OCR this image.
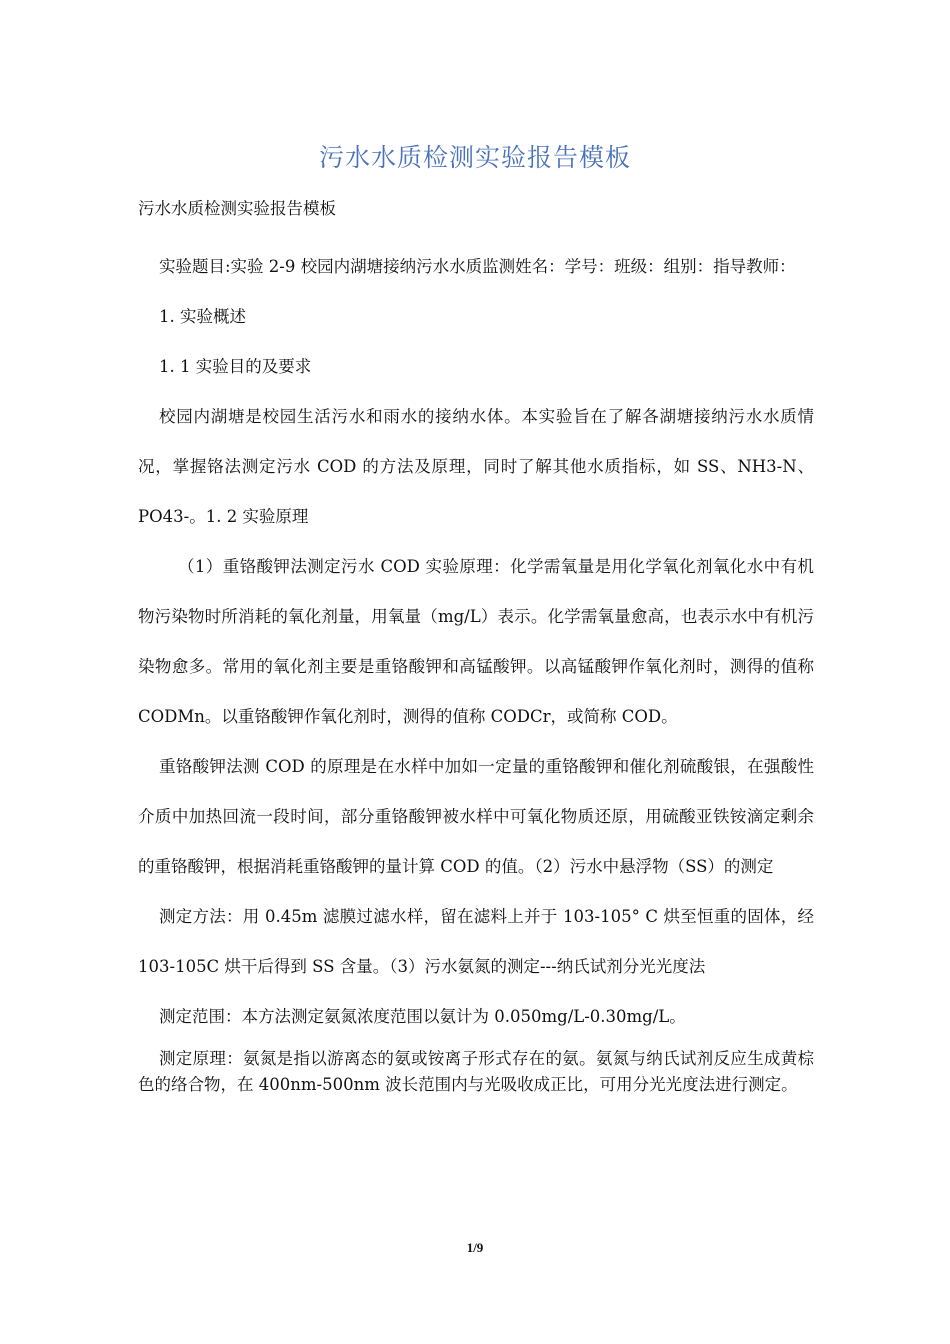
污水水质检测实验报告模板
污水水质检测实验报告模板

实验题目:实验 2-9 校园内湖塘接纳污水水质监测姓名：学号：班级：组别：指导教师：

1. 实验概述

1. 1 实验目的及要求

校园内湖塘是校园生活污水和雨水的接纳水体。本实验旨在了解各湖塘接纳污水水质情况，掌握铬法测定污水 COD 的方法及原理，同时了解其他水质指标，如 SS、NH3-N、PO43-。1. 2 实验原理

（1）重铬酸钾法测定污水 COD 实验原理：化学需氧量是用化学氧化剂氧化水中有机物污染物时所消耗的氧化剂量，用氧量（mg/L）表示。化学需氧量愈高，也表示水中有机污染物愈多。常用的氧化剂主要是重铬酸钾和高锰酸钾。以高锰酸钾作氧化剂时，测得的值称 CODMn。以重铬酸钾作氧化剂时，测得的值称 CODCr，或简称 COD。

重铬酸钾法测 COD 的原理是在水样中加如一定量的重铬酸钾和催化剂硫酸银，在强酸性介质中加热回流一段时间，部分重铬酸钾被水样中可氧化物质还原，用硫酸亚铁铵滴定剩余的重铬酸钾，根据消耗重铬酸钾的量计算 COD 的值。（2）污水中悬浮物（SS）的测定

测定方法：用 0.45m 滤膜过滤水样，留在滤料上并于 103-105° C 烘至恒重的固体，经 103-105C 烘干后得到 SS 含量。（3）污水氨氮的测定---纳氏试剂分光光度法

测定范围：本方法测定氨氮浓度范围以氨计为 0.050mg/L-0.30mg/L。

测定原理：氨氮是指以游离态的氨或铵离子形式存在的氨。氨氮与纳氏试剂反应生成黄棕色的络合物，在 400nm-500nm 波长范围内与光吸收成正比，可用分光光度法进行测定。

1/9
